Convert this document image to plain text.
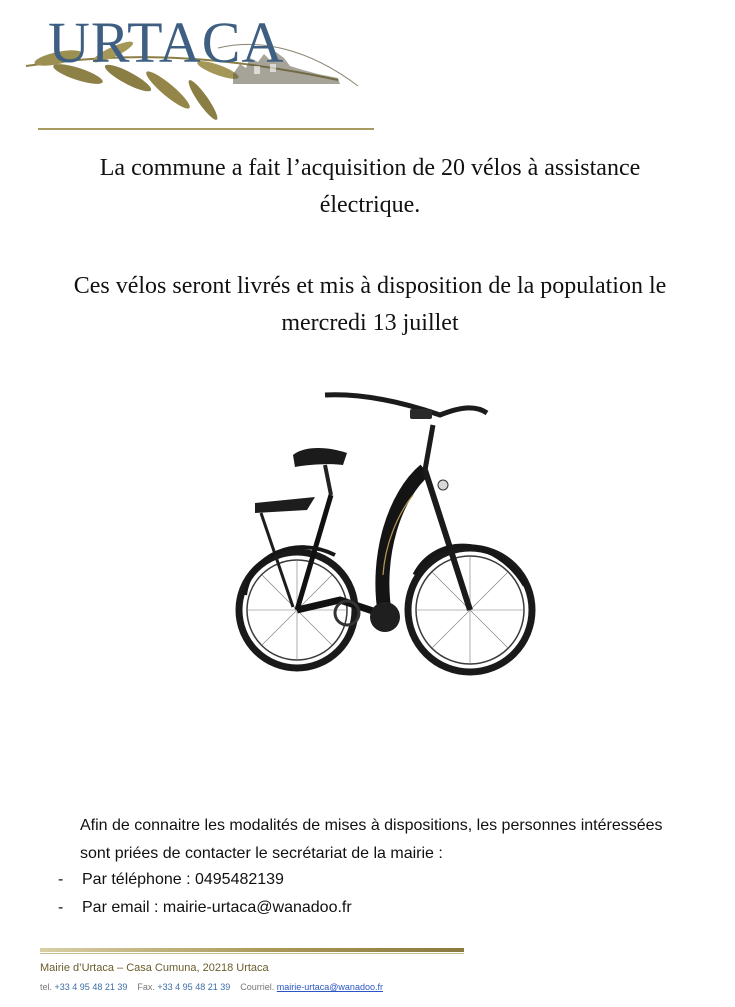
URTACA
La commune a fait l’acquisition de 20 vélos à assistance électrique.
Ces vélos seront livrés et mis à disposition de la population le mercredi 13 juillet
Afin de connaitre les modalités de mises à dispositions, les personnes intéressées sont priées de contacter le secrétariat de la mairie :
-	Par téléphone : 0495482139
-	Par email : mairie-urtaca@wanadoo.fr
Mairie d’Urtaca – Casa Cumuna, 20218 Urtaca
tel. +33 4 95 48 21 39 Fax. +33 4 95 48 21 39 Courriel. mairie-urtaca@wanadoo.fr
